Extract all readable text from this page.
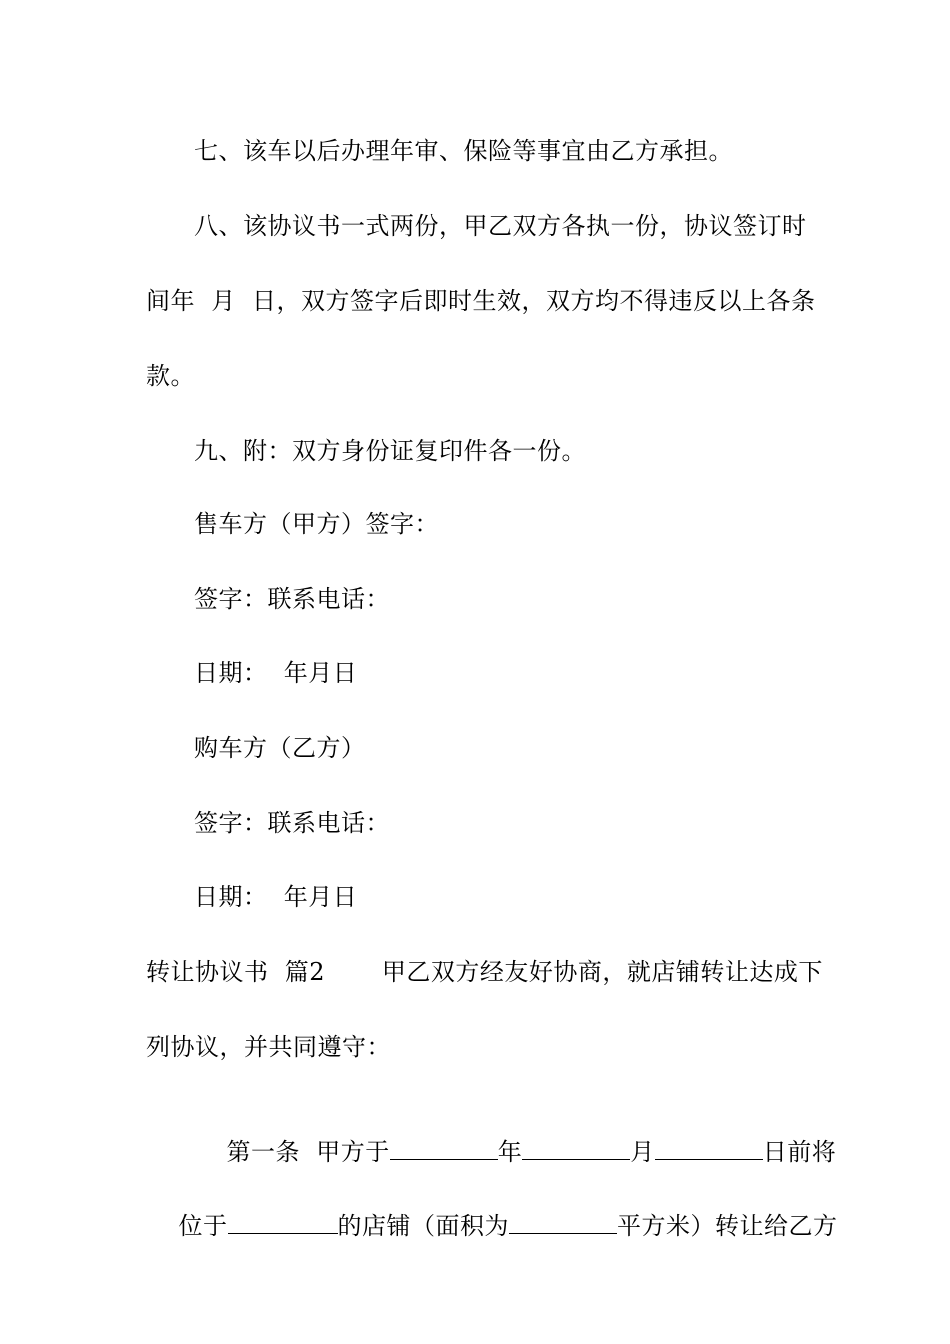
七、该车以后办理年审、保险等事宜由乙方承担。
八、该协议书一式两份，甲乙双方各执一份，协议签订时
间年  月  日，双方签字后即时生效，双方均不得违反以上各条
款。
九、附：双方身份证复印件各一份。
售车方（甲方）签字：
签字：联系电话：
日期：  年月日
购车方（乙方）
签字：联系电话：
日期：  年月日
转让协议书  篇2       甲乙双方经友好协商，就店铺转让达成下
列协议，并共同遵守：

第一条  甲方于	年	月	日前将

位于	的店铺（面积为	平方米）转让给乙方
